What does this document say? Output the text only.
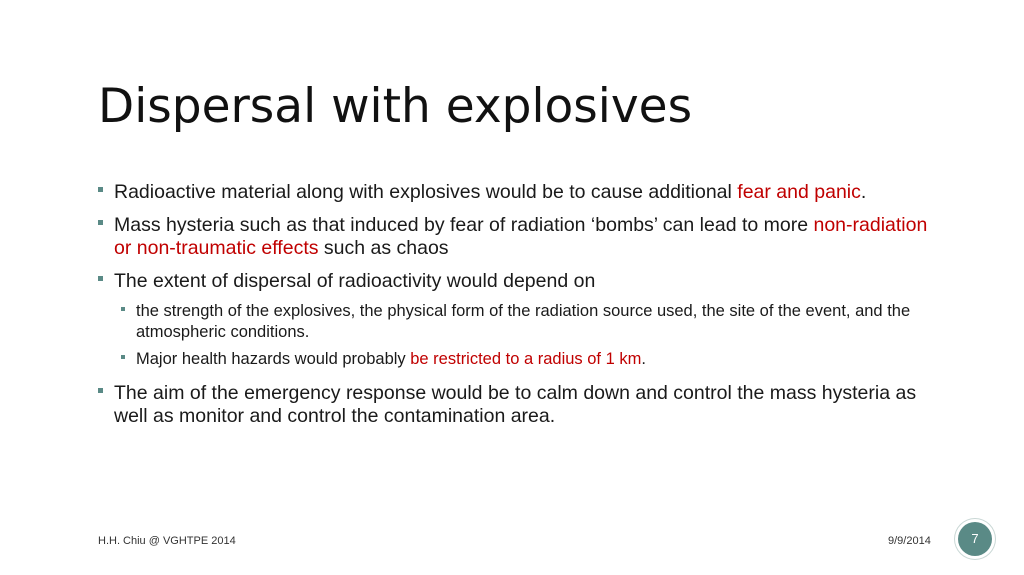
Dispersal with explosives
Radioactive material along with explosives would be to cause additional fear and panic.
Mass hysteria such as that induced by fear of radiation ‘bombs’ can lead to more non-radiation or non-traumatic effects such as chaos
The extent of dispersal of radioactivity would depend on
the strength of the explosives, the physical form of the radiation source used, the site of the event, and the atmospheric conditions.
Major health hazards would probably be restricted to a radius of 1 km.
The aim of the emergency response would be to calm down and control the mass hysteria as well as monitor and control the contamination area.
H.H. Chiu @ VGHTPE 2014	9/9/2014	7
